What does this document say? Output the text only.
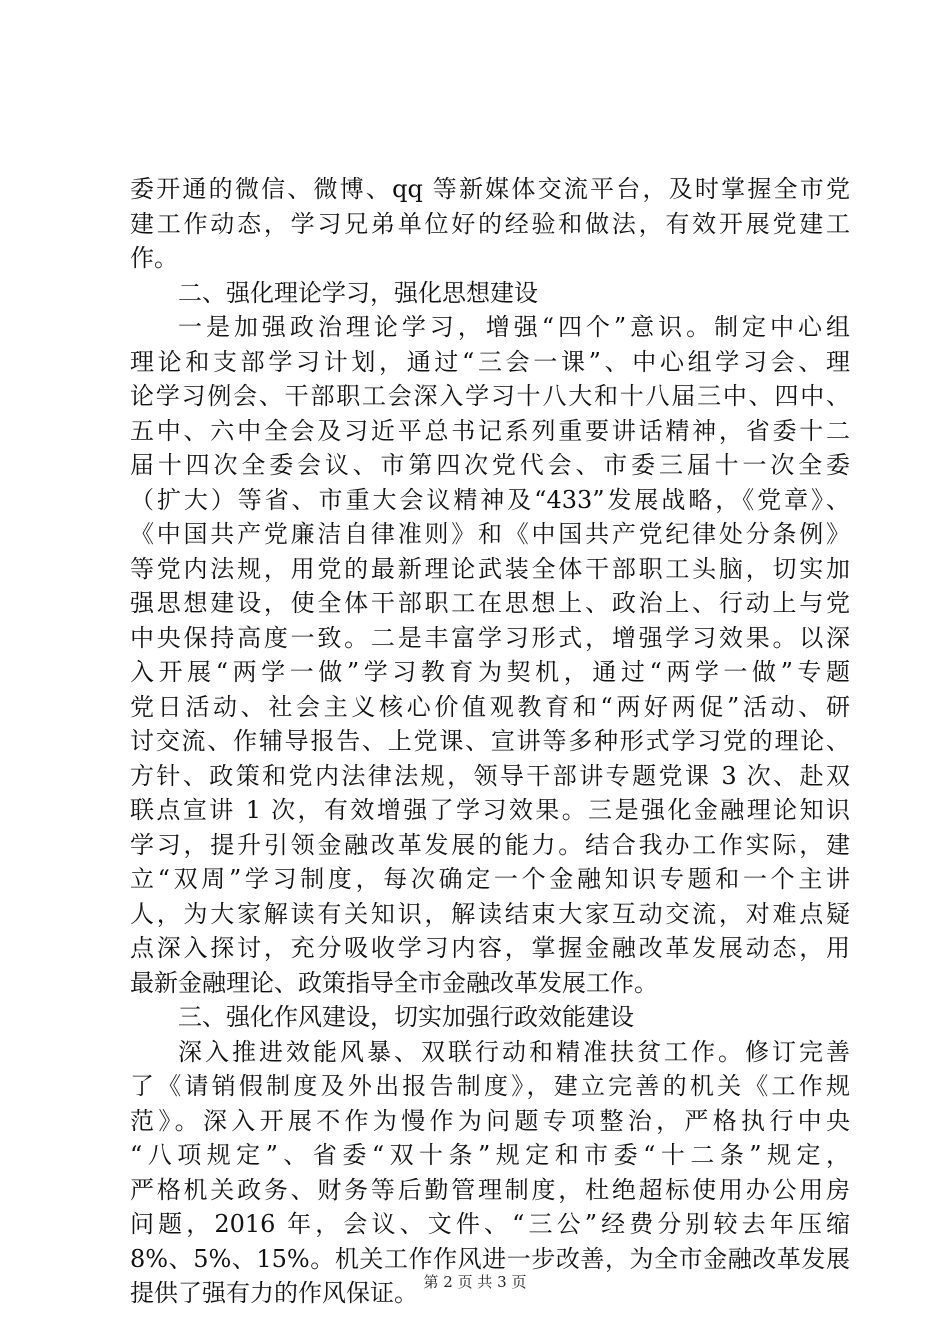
委开通的微信、微博、qq 等新媒体交流平台，及时掌握全市党
建工作动态，学习兄弟单位好的经验和做法，有效开展党建工
作。
二、强化理论学习，强化思想建设
一是加强政治理论学习，增强“四个”意识。制定中心组
理论和支部学习计划，通过“三会一课”、中心组学习会、理
论学习例会、干部职工会深入学习十八大和十八届三中、四中、
五中、六中全会及习近平总书记系列重要讲话精神，省委十二
届十四次全委会议、市第四次党代会、市委三届十一次全委
（扩大）等省、市重大会议精神及“433”发展战略，《党章》、
《中国共产党廉洁自律准则》和《中国共产党纪律处分条例》
等党内法规，用党的最新理论武装全体干部职工头脑，切实加
强思想建设，使全体干部职工在思想上、政治上、行动上与党
中央保持高度一致。二是丰富学习形式，增强学习效果。以深
入开展“两学一做”学习教育为契机，通过“两学一做”专题
党日活动、社会主义核心价值观教育和“两好两促”活动、研
讨交流、作辅导报告、上党课、宣讲等多种形式学习党的理论、
方针、政策和党内法律法规，领导干部讲专题党课 3 次、赴双
联点宣讲 1 次，有效增强了学习效果。三是强化金融理论知识
学习，提升引领金融改革发展的能力。结合我办工作实际，建
立“双周”学习制度，每次确定一个金融知识专题和一个主讲
人，为大家解读有关知识，解读结束大家互动交流，对难点疑
点深入探讨，充分吸收学习内容，掌握金融改革发展动态，用
最新金融理论、政策指导全市金融改革发展工作。
三、强化作风建设，切实加强行政效能建设
深入推进效能风暴、双联行动和精准扶贫工作。修订完善
了《请销假制度及外出报告制度》，建立完善的机关《工作规
范》。深入开展不作为慢作为问题专项整治，严格执行中央
“八项规定”、省委“双十条”规定和市委“十二条”规定，
严格机关政务、财务等后勤管理制度，杜绝超标使用办公用房
问题，2016 年，会议、文件、“三公”经费分别较去年压缩
8%、5%、15%。机关工作作风进一步改善，为全市金融改革发展
提供了强有力的作风保证。 第 2 页 共 3 页
